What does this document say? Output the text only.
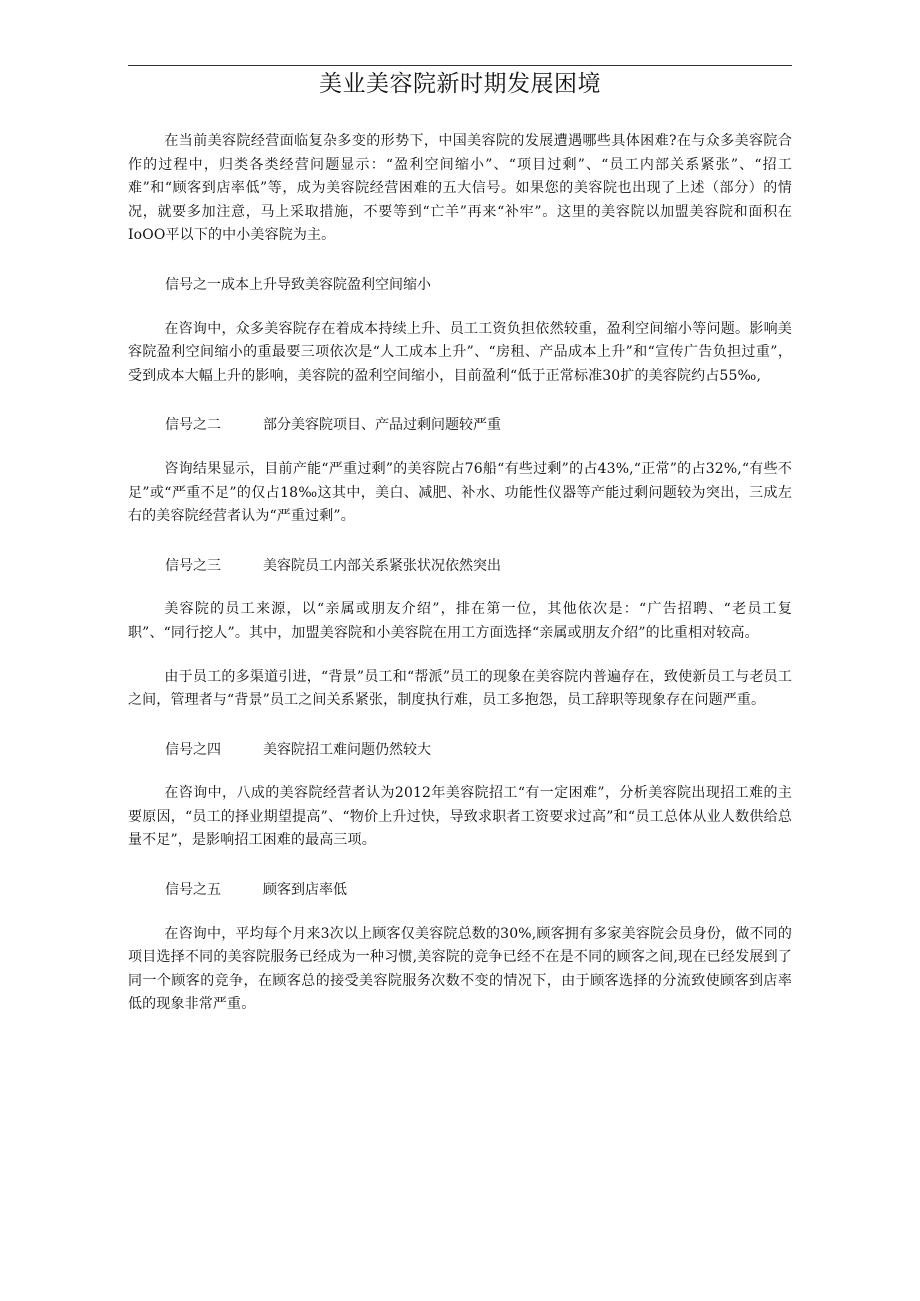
美业美容院新时期发展困境

在当前美容院经营面临复杂多变的形势下，中国美容院的发展遭遇哪些具体困难?在与众多美容院合作的过程中，归类各类经营问题显示：“盈利空间缩小”、“项目过剩”、“员工内部关系紧张”、“招工难”和“顾客到店率低”等，成为美容院经营困难的五大信号。如果您的美容院也出现了上述（部分）的情况，就要多加注意，马上采取措施，不要等到“亡羊”再来“补牢”。这里的美容院以加盟美容院和面积在IoOO平以下的中小美容院为主。

信号之一成本上升导致美容院盈利空间缩小

在咨询中，众多美容院存在着成本持续上升、员工工资负担依然较重，盈利空间缩小等问题。影响美容院盈利空间缩小的重最要三项依次是“人工成本上升”、“房租、产品成本上升”和“宣传广告负担过重”，受到成本大幅上升的影响，美容院的盈利空间缩小，目前盈利“低于正常标准30扩的美容院约占55‰,

信号之二	部分美容院项目、产品过剩问题较严重

咨询结果显示，目前产能“严重过剩”的美容院占76船“有些过剩”的占43%,“正常”的占32%,“有些不足”或“严重不足”的仅占18‰这其中，美白、减肥、补水、功能性仪器等产能过剩问题较为突出，三成左右的美容院经营者认为“严重过剩”。

信号之三	美容院员工内部关系紧张状况依然突出

美容院的员工来源，以“亲属或朋友介绍”，排在第一位，其他依次是：“广告招聘、“老员工复职”、“同行挖人”。其中，加盟美容院和小美容院在用工方面选择“亲属或朋友介绍”的比重相对较高。

由于员工的多渠道引进，“背景”员工和“帮派”员工的现象在美容院内普遍存在，致使新员工与老员工之间，管理者与“背景”员工之间关系紧张，制度执行难，员工多抱怨，员工辞职等现象存在问题严重。

信号之四	美容院招工难问题仍然较大

在咨询中，八成的美容院经营者认为2012年美容院招工“有一定困难”，分析美容院出现招工难的主要原因，“员工的择业期望提高”、“物价上升过快，导致求职者工资要求过高”和“员工总体从业人数供给总量不足”，是影响招工困难的最高三项。

信号之五	顾客到店率低

在咨询中，平均每个月来3次以上顾客仅美容院总数的30%,顾客拥有多家美容院会员身份，做不同的项目选择不同的美容院服务已经成为一种习惯,美容院的竞争已经不在是不同的顾客之间,现在已经发展到了同一个顾客的竞争，在顾客总的接受美容院服务次数不变的情况下，由于顾客选择的分流致使顾客到店率低的现象非常严重。
